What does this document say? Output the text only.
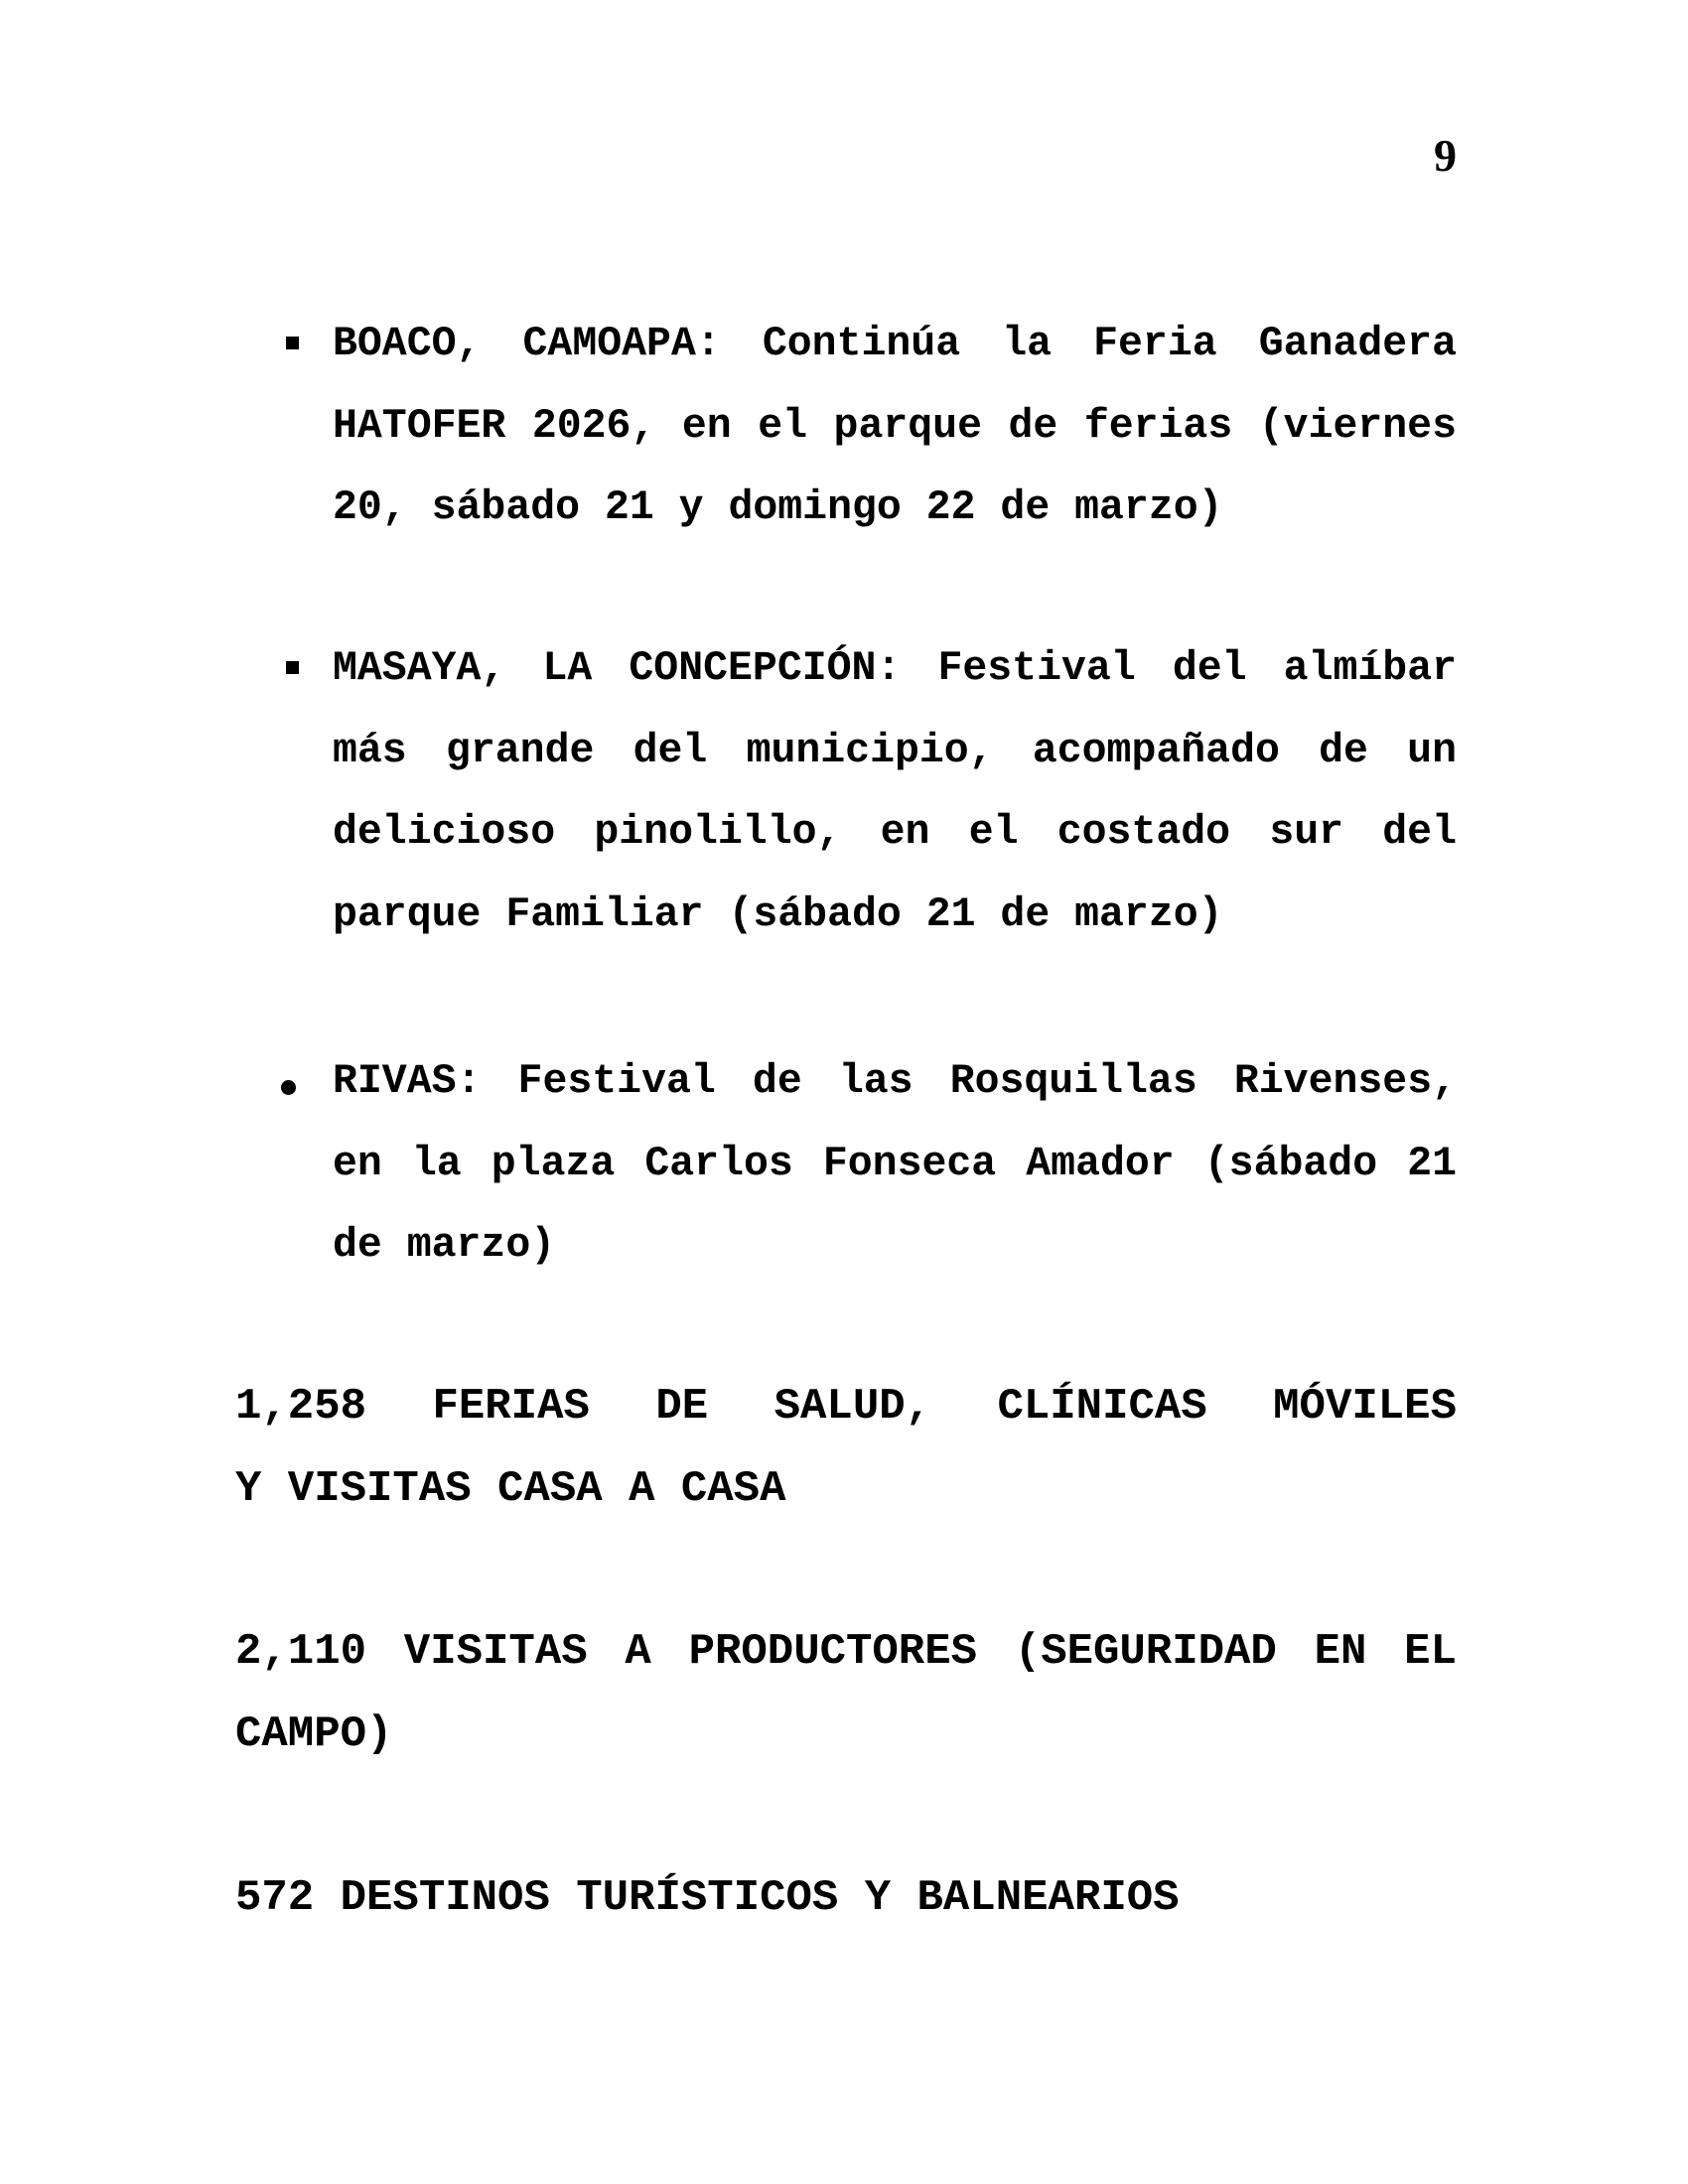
9
BOACO, CAMOAPA: Continúa la Feria Ganadera
HATOFER 2026, en el parque de ferias (viernes
20, sábado 21 y domingo 22 de marzo)
MASAYA, LA CONCEPCIÓN: Festival del almíbar
más grande del municipio, acompañado de un
delicioso pinolillo, en el costado sur del
parque Familiar (sábado 21 de marzo)
RIVAS: Festival de las Rosquillas Rivenses,
en la plaza Carlos Fonseca Amador (sábado 21
de marzo)
1,258 FERIAS DE SALUD, CLÍNICAS MÓVILES
Y VISITAS CASA A CASA
2,110 VISITAS A PRODUCTORES (SEGURIDAD EN EL
CAMPO)
572 DESTINOS TURÍSTICOS Y BALNEARIOS
